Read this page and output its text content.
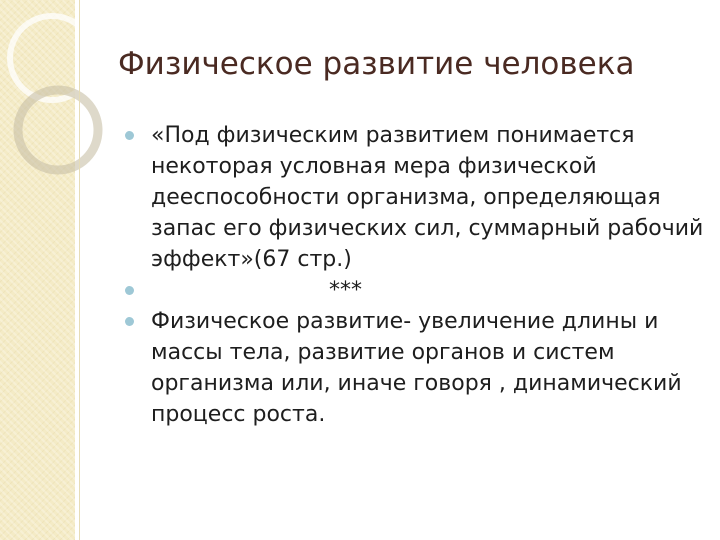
Физическое развитие человека
«Под физическим развитием понимается некоторая условная мера физической дееспособности организма, определяющая запас его физических сил, суммарный рабочий эффект»(67 стр.)
***
Физическое развитие- увеличение длины и массы тела, развитие органов и систем организма или, иначе говоря , динамический процесс роста.
